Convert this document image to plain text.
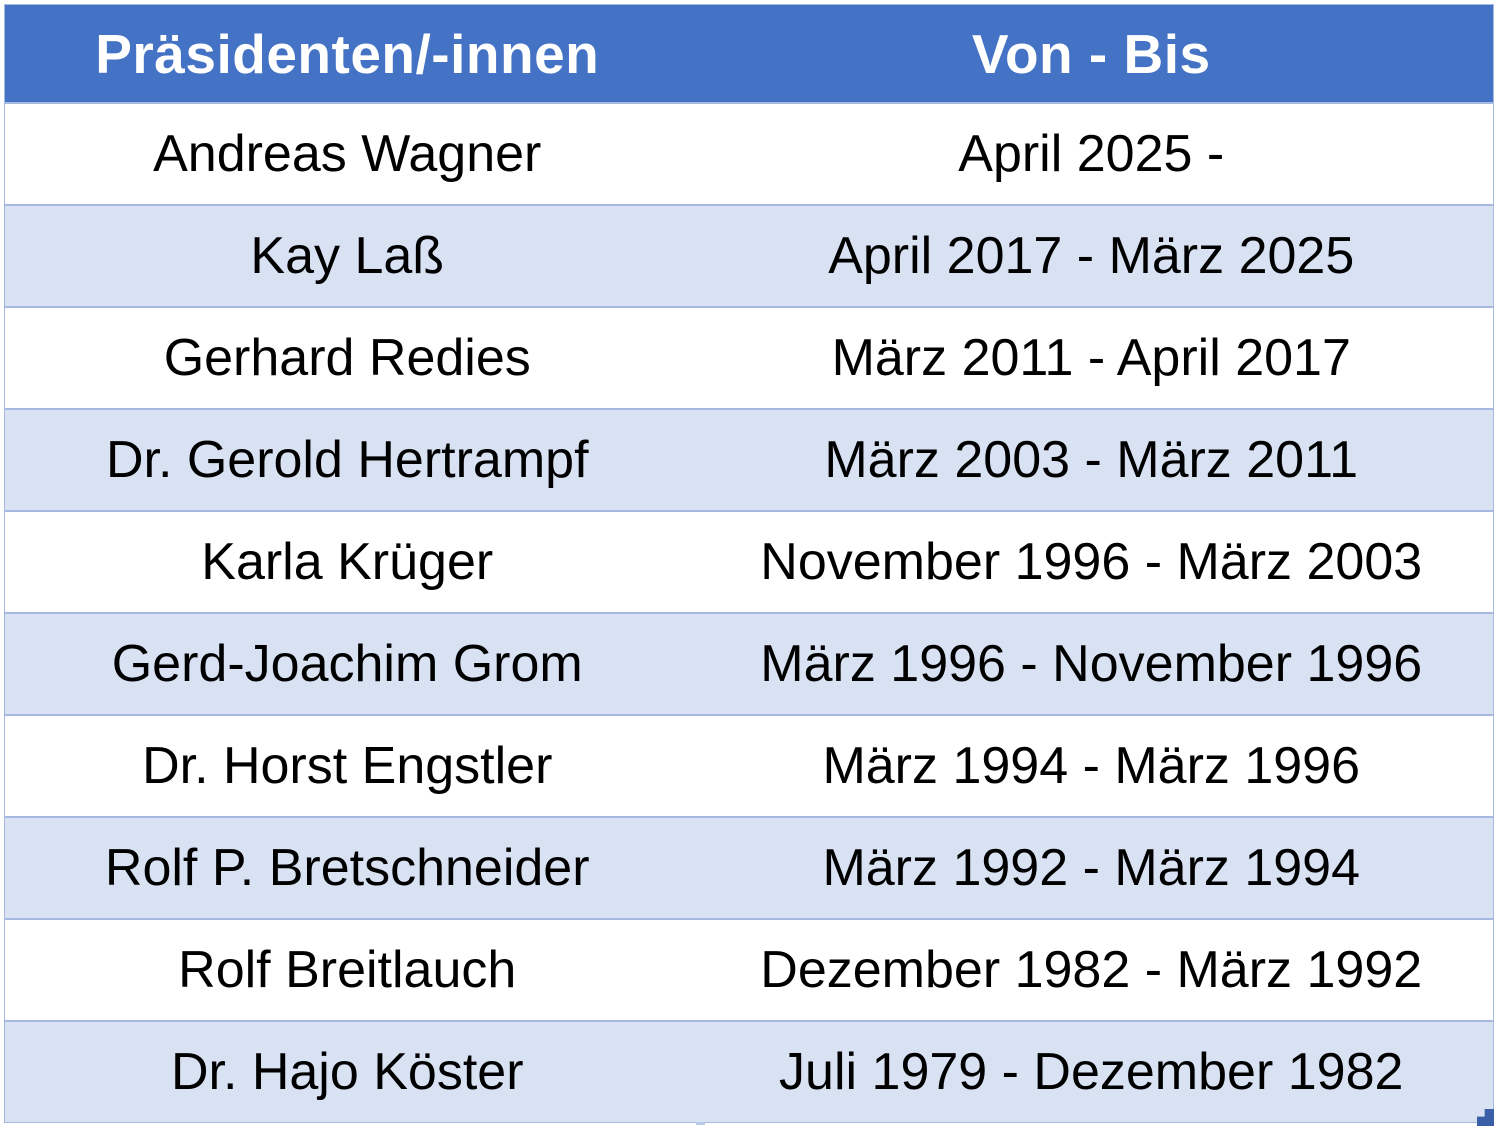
Präsidenten/-innen	Von - Bis
Andreas Wagner	April 2025 -
Kay Laß	April 2017 - März 2025
Gerhard Redies	März 2011 - April 2017
Dr. Gerold Hertrampf	März 2003 - März 2011
Karla Krüger	November 1996 - März 2003
Gerd-Joachim Grom	März 1996 - November 1996
Dr. Horst Engstler	März 1994 - März 1996
Rolf P. Bretschneider	März 1992 - März 1994
Rolf Breitlauch	Dezember 1982 - März 1992
Dr. Hajo Köster	Juli 1979 - Dezember 1982
